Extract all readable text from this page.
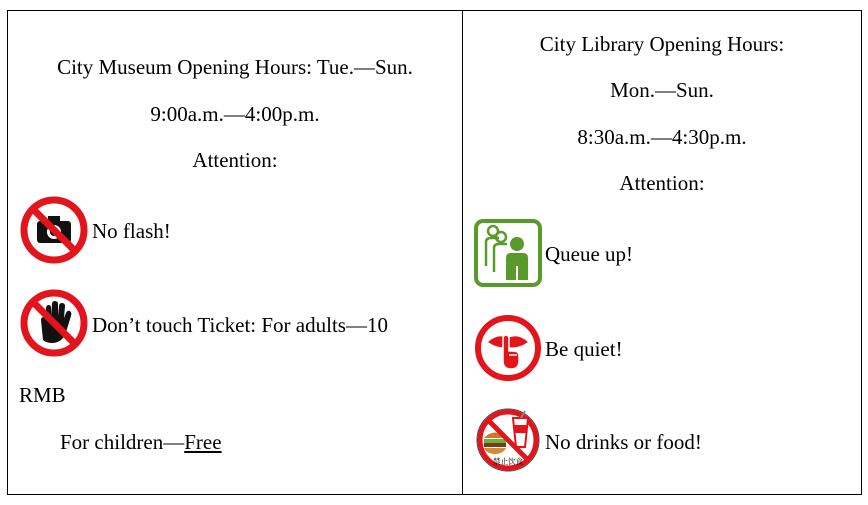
City Museum Opening Hours: Tue.—Sun.
9:00a.m.—4:00p.m.
Attention:
No flash!
Don’t touch Ticket: For adults—10
RMB
For children—Free
City Library Opening Hours:
Mon.—Sun.
8:30a.m.—4:30p.m.
Attention:
Queue up!
Be quiet!
禁止饮食
No drinks or food!
